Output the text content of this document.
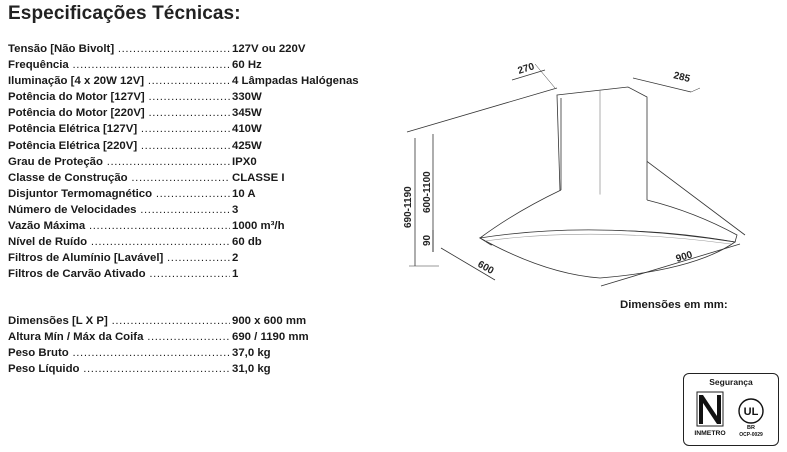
Especificações Técnicas:
Tensão [Não Bivolt] .....	127V ou 220V
Frequência .....	60 Hz
Iluminação [4 x 20W 12V] .....	4 Lâmpadas Halógenas
Potência do Motor [127V] .....	330W
Potência do Motor [220V] .....	345W
Potência Elétrica [127V] .....	410W
Potência Elétrica [220V] .....	425W
Grau de Proteção .....	IPX0
Classe de Construção .....	CLASSE I
Disjuntor Termomagnético .....	10 A
Número de Velocidades .....	3
Vazão Máxima .....	1000 m³/h
Nível de Ruído .....	60 db
Filtros de Alumínio [Lavável] .....	2
Filtros de Carvão Ativado .....	1
Dimensões [L X P] .....	900 x 600 mm
Altura Mín / Máx da Coifa .....	690 / 1190 mm
Peso Bruto .....	37,0 kg
Peso Líquido .....	31,0 kg
270
285
690-1190 600-1100
90
600
900
Dimensões em mm:
Segurança
INMETRO
UL
BR
OCP-0029
